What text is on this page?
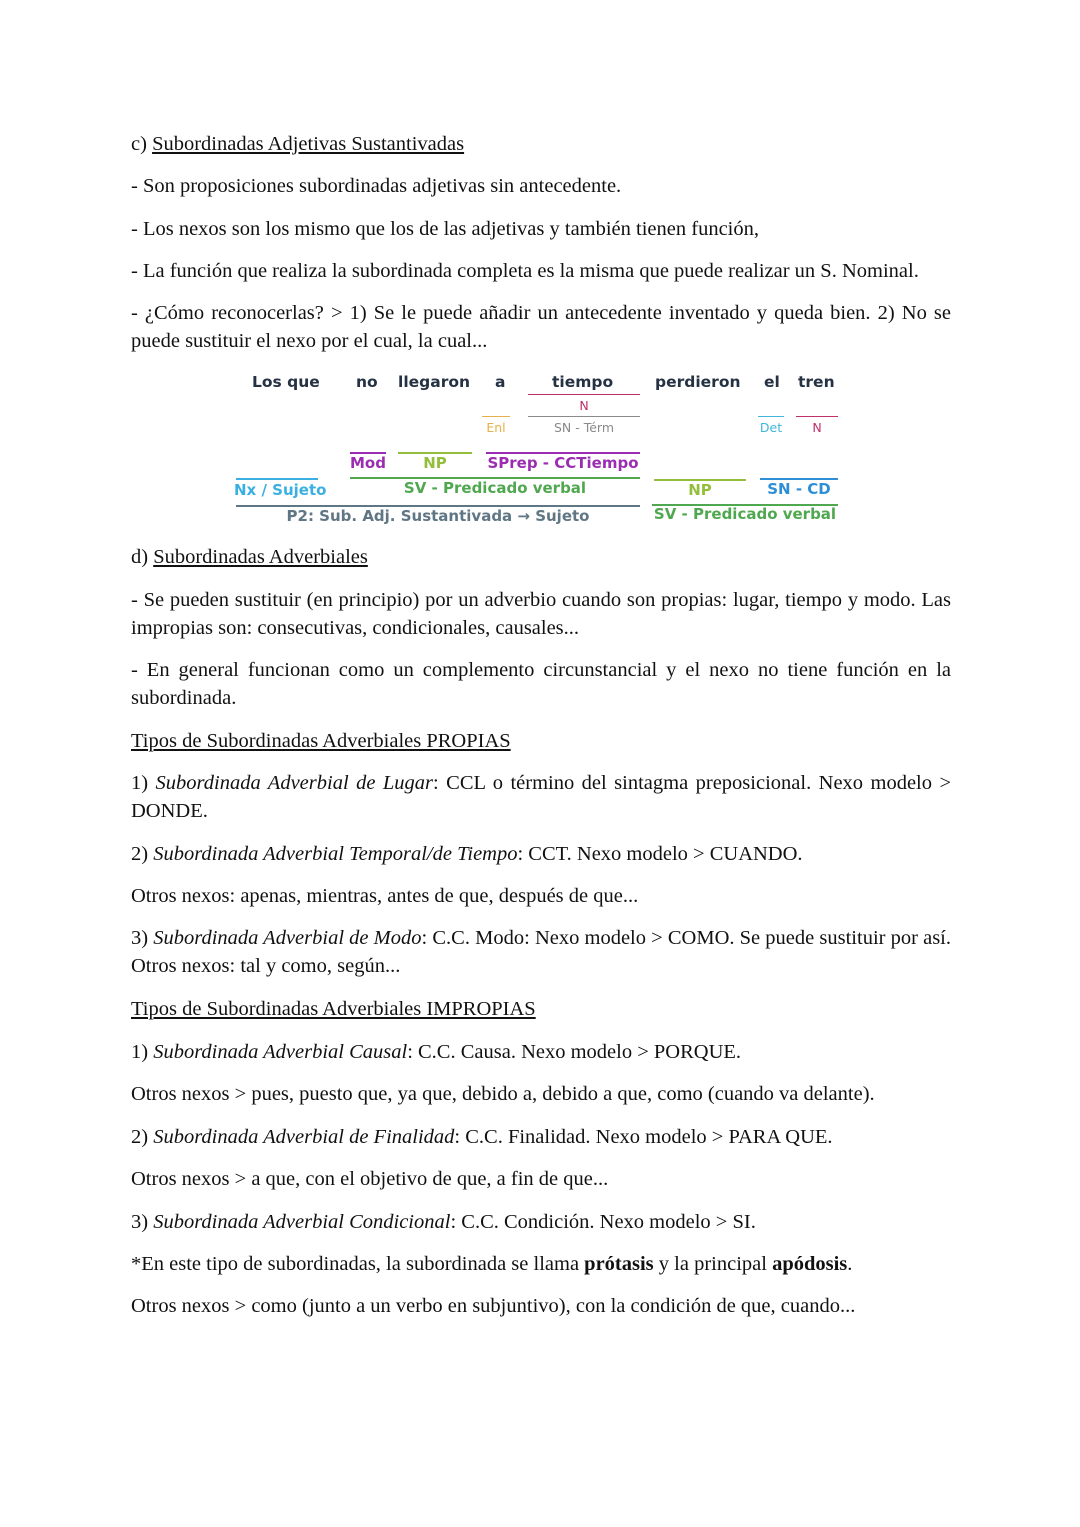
c) Subordinadas Adjetivas Sustantivadas
- Son proposiciones subordinadas adjetivas sin antecedente.
- Los nexos son los mismo que los de las adjetivas y también tienen función,
- La función que realiza la subordinada completa es la misma que puede realizar un S. Nominal.
- ¿Cómo reconocerlas? > 1) Se le puede añadir un antecedente inventado y queda bien. 2) No se puede sustituir el nexo por el cual, la cual...
d) Subordinadas Adverbiales
- Se pueden sustituir (en principio) por un adverbio cuando son propias: lugar, tiempo y modo. Las impropias son: consecutivas, condicionales, causales...
- En general funcionan como un complemento circunstancial y el nexo no tiene función en la subordinada.
Tipos de Subordinadas Adverbiales PROPIAS
1) Subordinada Adverbial de Lugar: CCL o término del sintagma preposicional. Nexo modelo > DONDE.
2) Subordinada Adverbial Temporal/de Tiempo: CCT. Nexo modelo > CUANDO.
Otros nexos: apenas, mientras, antes de que, después de que...
3) Subordinada Adverbial de Modo: C.C. Modo: Nexo modelo > COMO. Se puede sustituir por así. Otros nexos: tal y como, según...
Tipos de Subordinadas Adverbiales IMPROPIAS
1) Subordinada Adverbial Causal: C.C. Causa. Nexo modelo > PORQUE.
Otros nexos > pues, puesto que, ya que, debido a, debido a que, como (cuando va delante).
2) Subordinada Adverbial de Finalidad: C.C. Finalidad. Nexo modelo > PARA QUE.
Otros nexos > a que, con el objetivo de que, a fin de que...
3) Subordinada Adverbial Condicional: C.C. Condición. Nexo modelo > SI.
*En este tipo de subordinadas, la subordinada se llama prótasis y la principal apódosis.
Otros nexos > como (junto a un verbo en subjuntivo), con la condición de que, cuando...
Los que no llegaron a	tiempo	perdieron el tren
N
Enl	SN - Térm	Det	N
Mod	NP	SPrep - CCTiempo
Nx / Sujeto	SV - Predicado verbal	NP	SN - CD
P2: Sub. Adj. Sustantivada → Sujeto	SV - Predicado verbal
